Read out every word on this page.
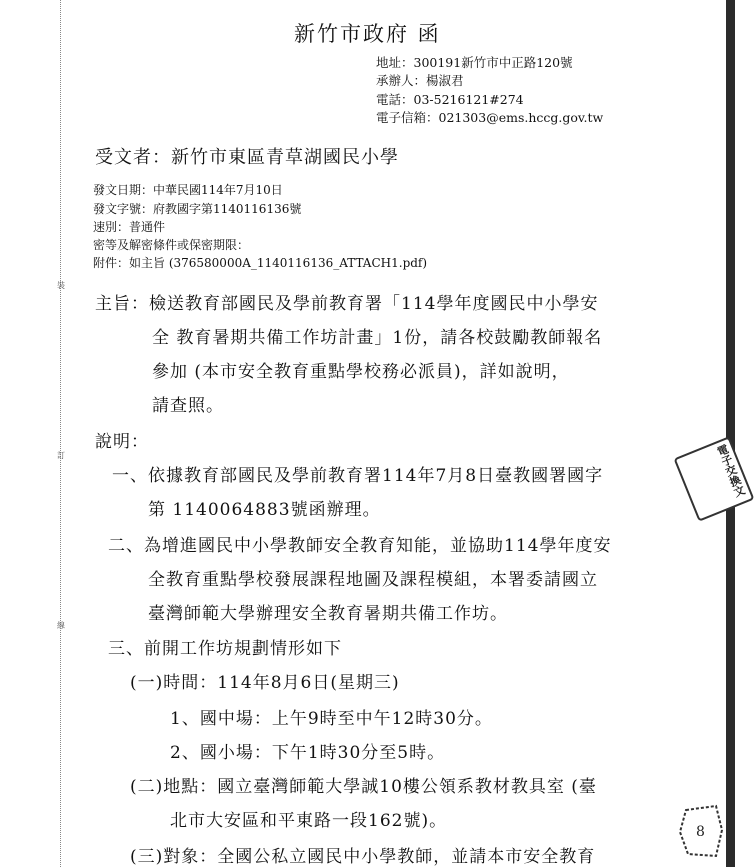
裝
訂
線
新竹市政府 函
地址：300191新竹市中正路120號
承辦人：楊淑君
電話：03-5216121#274
電子信箱：021303@ems.hccg.gov.tw
受文者：新竹市東區青草湖國民小學
發文日期：中華民國114年7月10日
發文字號：府教國字第1140116136號
速別：普通件
密等及解密條件或保密期限：
附件：如主旨 (376580000A_1140116136_ATTACH1.pdf)
主旨：檢送教育部國民及學前教育署「114學年度國民中小學安
全 教育暑期共備工作坊計畫」1份，請各校鼓勵教師報名
參加 (本市安全教育重點學校務必派員)，詳如說明，
請查照。
說明：
一、依據教育部國民及學前教育署114年7月8日臺教國署國字
第 1140064883號函辦理。
二、為增進國民中小學教師安全教育知能，並協助114學年度安
全教育重點學校發展課程地圖及課程模組，本署委請國立
臺灣師範大學辦理安全教育暑期共備工作坊。
三、前開工作坊規劃情形如下
(一)時間：114年8月6日(星期三)
1、國中場：上午9時至中午12時30分。
2、國小場：下午1時30分至5時。
(二)地點：國立臺灣師範大學誠10樓公領系教材教具室 (臺
北市大安區和平東路一段162號)。
(三)對象：全國公私立國民中小學教師，並請本市安全教育
電子交換文
8
